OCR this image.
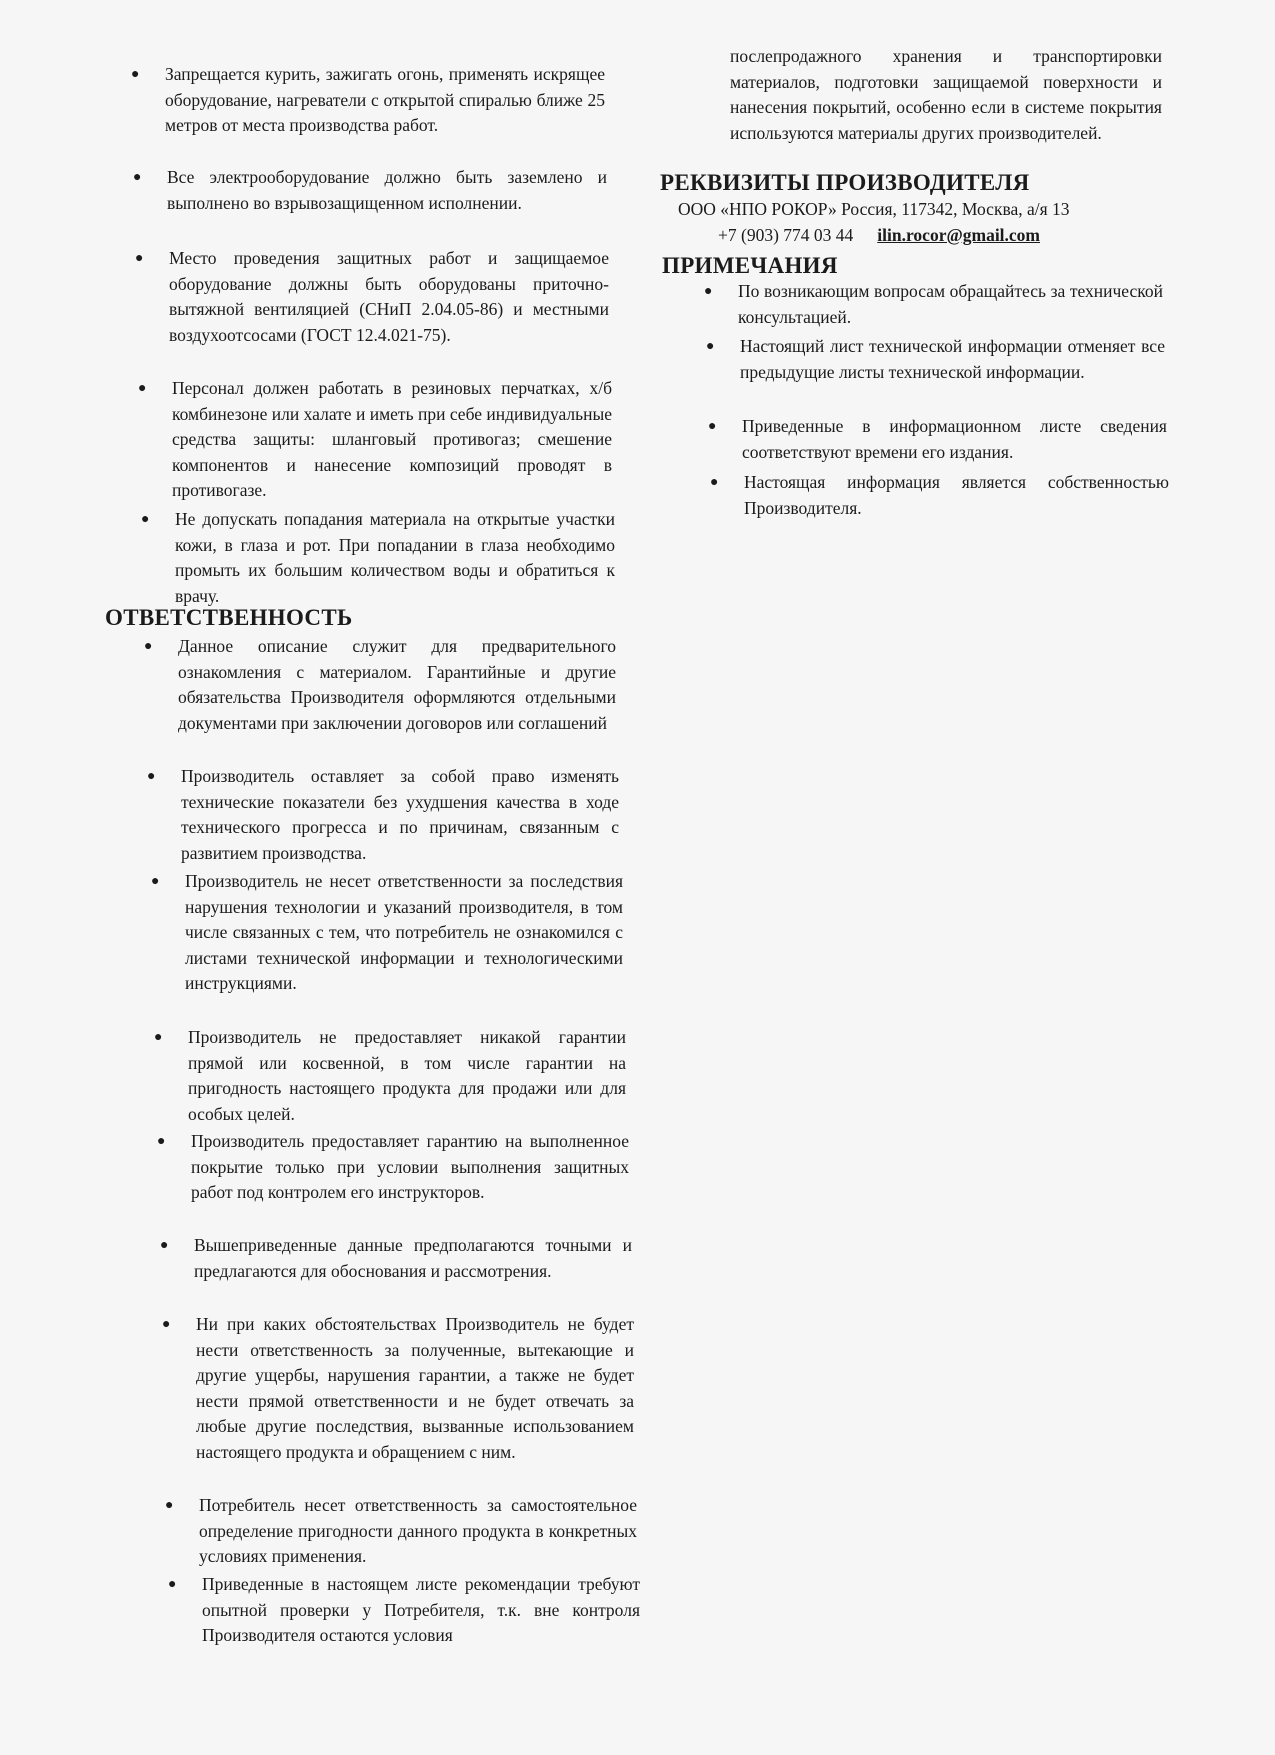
● Запрещается курить, зажигать огонь, применять искрящее оборудование, нагреватели с открытой спиралью ближе 25 метров от места производства работ.
● Все электрооборудование должно быть заземлено и выполнено во взрывозащищенном исполнении.
● Место проведения защитных работ и защищаемое оборудование должны быть оборудованы приточно-вытяжной вентиляцией (СНиП 2.04.05-86) и местными воздухоотсосами (ГОСТ 12.4.021-75).
● Персонал должен работать в резиновых перчатках, х/б комбинезоне или халате и иметь при себе индивидуальные средства защиты: шланговый противогаз; смешение компонентов и нанесение композиций проводят в противогазе.
● Не допускать попадания материала на открытые участки кожи, в глаза и рот. При попадании в глаза необходимо промыть их большим количеством воды и обратиться к врачу.
ОТВЕТСТВЕННОСТЬ
● Данное описание служит для предварительного ознакомления с материалом. Гарантийные и другие обязательства Производителя оформляются отдельными документами при заключении договоров или соглашений
● Производитель оставляет за собой право изменять технические показатели без ухудшения качества в ходе технического прогресса и по причинам, связанным с развитием производства.
● Производитель не несет ответственности за последствия нарушения технологии и указаний производителя, в том числе связанных с тем, что потребитель не ознакомился с листами технической информации и технологическими инструкциями.
● Производитель не предоставляет никакой гарантии прямой или косвенной, в том числе гарантии на пригодность настоящего продукта для продажи или для особых целей.
● Производитель предоставляет гарантию на выполненное покрытие только при условии выполнения защитных работ под контролем его инструкторов.
● Вышеприведенные данные предполагаются точными и предлагаются для обоснования и рассмотрения.
● Ни при каких обстоятельствах Производитель не будет нести ответственность за полученные, вытекающие и другие ущербы, нарушения гарантии, а также не будет нести прямой ответственности и не будет отвечать за любые другие последствия, вызванные использованием настоящего продукта и обращением с ним.
● Потребитель несет ответственность за самостоятельное определение пригодности данного продукта в конкретных условиях применения.
● Приведенные в настоящем листе рекомендации требуют опытной проверки у Потребителя, т.к. вне контроля Производителя остаются условия
послепродажного хранения и транспортировки материалов, подготовки защищаемой поверхности и нанесения покрытий, особенно если в системе покрытия используются материалы других производителей.
РЕКВИЗИТЫ ПРОИЗВОДИТЕЛЯ
ООО «НПО РОКОР» Россия, 117342, Москва, а/я 13
+7 (903) 774 03 44 ilin.rocor@gmail.com
ПРИМЕЧАНИЯ
● По возникающим вопросам обращайтесь за технической консультацией.
● Настоящий лист технической информации отменяет все предыдущие листы технической информации.
● Приведенные в информационном листе сведения соответствуют времени его издания.
● Настоящая информация является собственностью Производителя.
